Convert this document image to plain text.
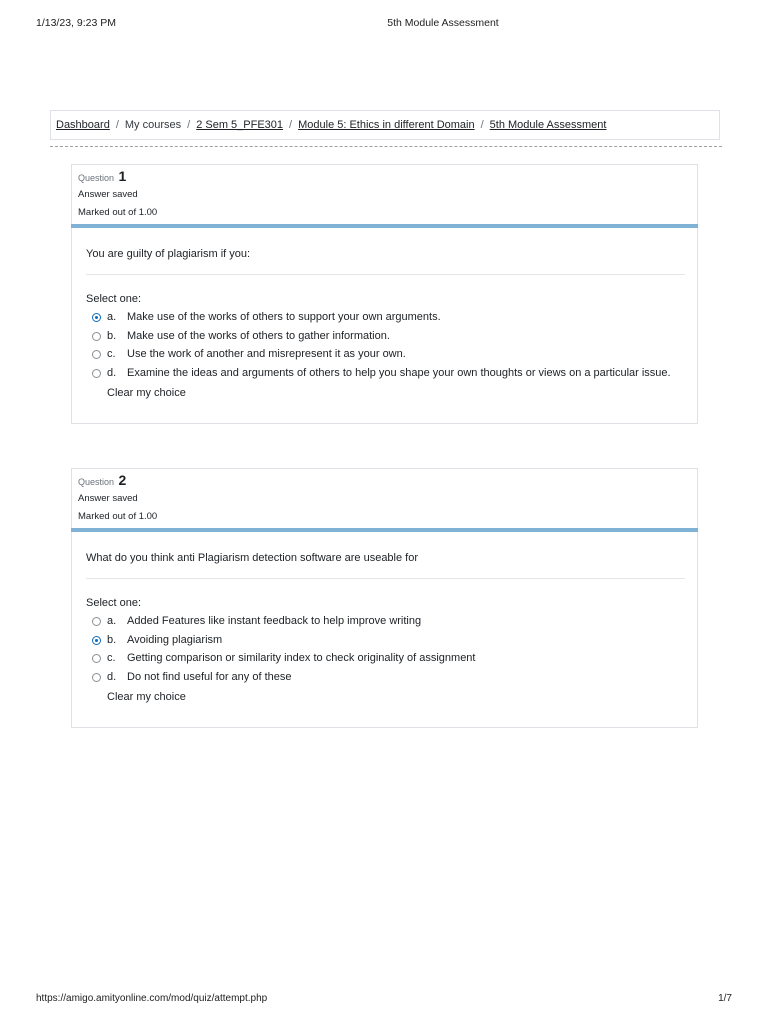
1/13/23, 9:23 PM	5th Module Assessment
Dashboard / My courses / 2 Sem 5_PFE301 / Module 5: Ethics in different Domain / 5th Module Assessment
Question 1
Answer saved
Marked out of 1.00
You are guilty of plagiarism if you:
Select one:
a. Make use of the works of others to support your own arguments.
b. Make use of the works of others to gather information.
c. Use the work of another and misrepresent it as your own.
d. Examine the ideas and arguments of others to help you shape your own thoughts or views on a particular issue.
Clear my choice
Question 2
Answer saved
Marked out of 1.00
What do you think anti Plagiarism detection software are useable for
Select one:
a. Added Features like instant feedback to help improve writing
b. Avoiding plagiarism
c. Getting comparison or similarity index to check originality of assignment
d. Do not find useful for any of these
Clear my choice
https://amigo.amityonline.com/mod/quiz/attempt.php	1/7
